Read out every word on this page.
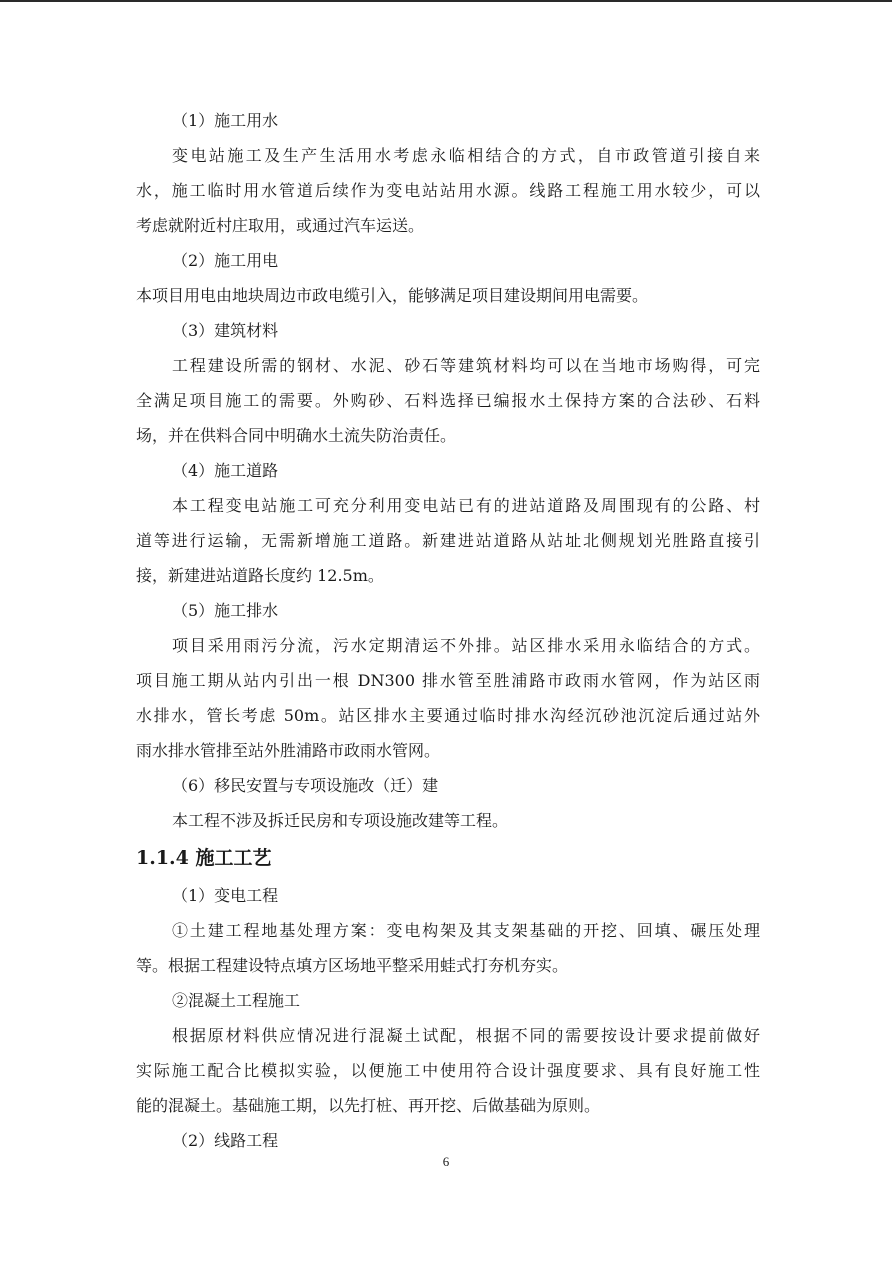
（1）施工用水
变电站施工及生产生活用水考虑永临相结合的方式，自市政管道引接自来
水，施工临时用水管道后续作为变电站站用水源。线路工程施工用水较少，可以
考虑就附近村庄取用，或通过汽车运送。
（2）施工用电
本项目用电由地块周边市政电缆引入，能够满足项目建设期间用电需要。
（3）建筑材料
工程建设所需的钢材、水泥、砂石等建筑材料均可以在当地市场购得，可完
全满足项目施工的需要。外购砂、石料选择已编报水土保持方案的合法砂、石料
场，并在供料合同中明确水土流失防治责任。
（4）施工道路
本工程变电站施工可充分利用变电站已有的进站道路及周围现有的公路、村
道等进行运输，无需新增施工道路。新建进站道路从站址北侧规划光胜路直接引
接，新建进站道路长度约 12.5m。
（5）施工排水
项目采用雨污分流，污水定期清运不外排。站区排水采用永临结合的方式。
项目施工期从站内引出一根 DN300 排水管至胜浦路市政雨水管网，作为站区雨
水排水，管长考虑 50m。站区排水主要通过临时排水沟经沉砂池沉淀后通过站外
雨水排水管排至站外胜浦路市政雨水管网。
（6）移民安置与专项设施改（迁）建
本工程不涉及拆迁民房和专项设施改建等工程。
1.1.4 施工工艺
（1）变电工程
①土建工程地基处理方案：变电构架及其支架基础的开挖、回填、碾压处理
等。根据工程建设特点填方区场地平整采用蛙式打夯机夯实。
②混凝土工程施工
根据原材料供应情况进行混凝土试配，根据不同的需要按设计要求提前做好
实际施工配合比模拟实验，以便施工中使用符合设计强度要求、具有良好施工性
能的混凝土。基础施工期，以先打桩、再开挖、后做基础为原则。
（2）线路工程
6
